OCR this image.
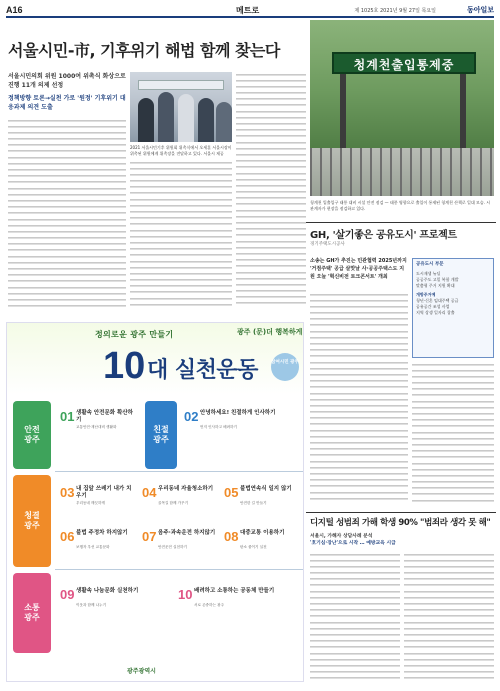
A16	메트로	제 1025호 2021년 9월 27일 목요일	동아일보
서울시민-市, 기후위기 해법 함께 찾는다
서울시민의회 위원 1000여 위촉식 화상으로 진행 11개 의제 선정
정책방향 토론→실천 가로 '원정' 기후위기 대응과제 의견 도출
2021 서울시민기후 위원회 위촉식에서 오세훈 서울시장이 위촉된 위원에게 위촉장을 전달하고 있다. 서울시 제공
청계천출입통제중
청계천 입출입구 태풍 대비 시설 안전 점검 — 태풍 영향으로 출입이 통제된 청계천 산책로 일대 모습. 시 관계자가 현장을 점검하고 있다.
GH, '살기좋은 공유도시' 프로젝트
경기주택도시공사
소송는 GH가 추진는 민관협력 2025년까지 '거점주택' 공급 살맛날 사·공공주택스도 지원 오늘 '혁신비전 토크콘서트' 개최
공유도시 부문
도시재생 뉴딜
공공주도 고밀 복합 개발
맞춤형 주거 지원 확대
개방주거예
청년·신혼 임대주택 공급
공유공간 조성 사업
지역 상생 일자리 창출
정의로운 광주 만들기	광주 (문)더 행복하게
10 대 실천운동	참여시민 광주
안전
광주
청결
광주
소통
광주
01 생활속 안전문화 확산하기
교통안전·재난대비 생활화	친절
광주
02 안녕하세요! 친절하게 인사하기
먼저 인사하고 배려하기
03 내 집앞 쓰레기 내가 치우기
우리동네 깨끗하게
04 우리동네 자율청소하기
골목길 함께 가꾸기
05 불법연속식 일지 않기
안전한 길 만들기
06 불법 주정차 하지않기
보행자 우선 교통문화
07 음주·과속운전 하지않기
안전운전 실천하기
08 대중교통 이용하기
탄소 줄이기 실천
09 생활속 나눔문화 실천하기
이웃과 함께 나누기
10 배려하고 소통하는 공동체 만들기
서로 존중하는 광주
광주광역시
디지털 성범죄 가해 학생 90% "범죄라 생각 못 해"
서울시, 가해자 상담사례 분석
'호기심·장난'으로 시작 … 예방교육 시급
